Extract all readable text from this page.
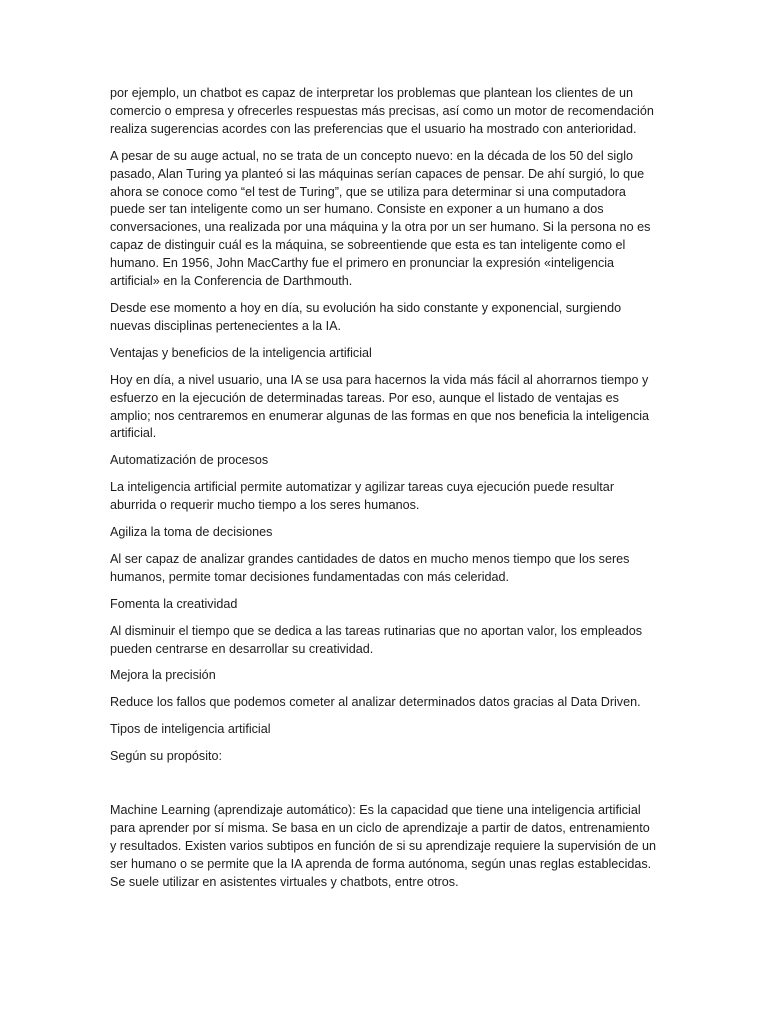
por ejemplo, un chatbot es capaz de interpretar los problemas que plantean los clientes de un comercio o empresa y ofrecerles respuestas más precisas, así como un motor de recomendación realiza sugerencias acordes con las preferencias que el usuario ha mostrado con anterioridad.

A pesar de su auge actual, no se trata de un concepto nuevo: en la década de los 50 del siglo pasado, Alan Turing ya planteó si las máquinas serían capaces de pensar. De ahí surgió, lo que ahora se conoce como “el test de Turing”, que se utiliza para determinar si una computadora puede ser tan inteligente como un ser humano. Consiste en exponer a un humano a dos conversaciones, una realizada por una máquina y la otra por un ser humano. Si la persona no es capaz de distinguir cuál es la máquina, se sobreentiende que esta es tan inteligente como el humano. En 1956, John MacCarthy fue el primero en pronunciar la expresión «inteligencia artificial» en la Conferencia de Darthmouth.

Desde ese momento a hoy en día, su evolución ha sido constante y exponencial, surgiendo nuevas disciplinas pertenecientes a la IA.

Ventajas y beneficios de la inteligencia artificial

Hoy en día, a nivel usuario, una IA se usa para hacernos la vida más fácil al ahorrarnos tiempo y esfuerzo en la ejecución de determinadas tareas. Por eso, aunque el listado de ventajas es amplio; nos centraremos en enumerar algunas de las formas en que nos beneficia la inteligencia artificial.

Automatización de procesos

La inteligencia artificial permite automatizar y agilizar tareas cuya ejecución puede resultar aburrida o requerir mucho tiempo a los seres humanos.

Agiliza la toma de decisiones

Al ser capaz de analizar grandes cantidades de datos en mucho menos tiempo que los seres humanos, permite tomar decisiones fundamentadas con más celeridad.

Fomenta la creatividad

Al disminuir el tiempo que se dedica a las tareas rutinarias que no aportan valor, los empleados pueden centrarse en desarrollar su creatividad.

Mejora la precisión

Reduce los fallos que podemos cometer al analizar determinados datos gracias al Data Driven.

Tipos de inteligencia artificial

Según su propósito:

Machine Learning (aprendizaje automático): Es la capacidad que tiene una inteligencia artificial para aprender por sí misma. Se basa en un ciclo de aprendizaje a partir de datos, entrenamiento y resultados. Existen varios subtipos en función de si su aprendizaje requiere la supervisión de un ser humano o se permite que la IA aprenda de forma autónoma, según unas reglas establecidas. Se suele utilizar en asistentes virtuales y chatbots, entre otros.
